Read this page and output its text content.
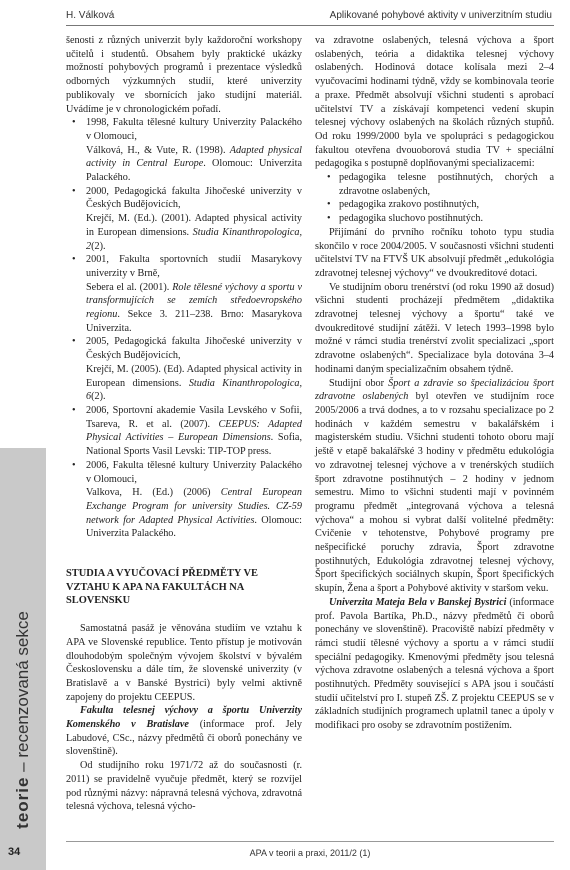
H. Válková	Aplikované pohybové aktivity v univerzitním studiu

šenosti z různých univerzit byly každoroční workshopy učitelů i studentů. Obsahem byly praktické ukázky možností pohybových programů i prezentace výsledků odborných výzkumných studií, které univerzity publikovaly ve sbornících jako studijní materiál. Uvádíme je v chronologickém pořadí.

• 1998, Fakulta tělesné kultury Univerzity Palackého v Olomouci,
Válková, H., & Vute, R. (1998). Adapted physical activity in Central Europe. Olomouc: Univerzita Palackého.
• 2000, Pedagogická fakulta Jihočeské univerzity v Českých Budějovicích,
Krejčí, M. (Ed.). (2001). Adapted physical activity in European dimensions. Studia Kinanthropologica, 2(2).
• 2001, Fakulta sportovních studií Masarykovy univerzity v Brně,
Sebera el al. (2001). Role tělesné výchovy a sportu v transformujících se zemích středoevropského regionu. Sekce 3. 211–238. Brno: Masarykova Univerzita.
• 2005, Pedagogická fakulta Jihočeské univerzity v Českých Budějovicích,
Krejčí, M. (2005). (Ed). Adapted physical activity in European dimensions. Studia Kinanthropologica, 6(2).
• 2006, Sportovní akademie Vasila Levského v Sofii, Tsareva, R. et al. (2007). CEEPUS: Adapted Physical Activities – European Dimensions. Sofia, National Sports Vasil Levski: TIP-TOP press.
• 2006, Fakulta tělesné kultury Univerzity Palackého v Olomouci,
Valkova, H. (Ed.) (2006) Central European Exchange Program for university Studies. CZ-59 network for Adapted Physical Activities. Olomouc: Univerzita Palackého.

STUDIA A VYUČOVACÍ PŘEDMĚTY VE VZTAHU K APA NA FAKULTÁCH NA SLOVENSKU

Samostatná pasáž je věnována studiím ve vztahu k APA ve Slovenské republice. Tento přístup je motivován dlouhodobým společným vývojem školství v bývalém Československu a dále tím, že slovenské univerzity (v Bratislavě a v Banské Bystrici) byly velmi aktivně zapojeny do projektu CEEPUS.

Fakulta telesnej výchovy a športu Univerzity Komenského v Bratislave (informace prof. Jely Labudové, CSc., názvy předmětů či oborů ponechány ve slovenštině).

Od studijního roku 1971/72 až do současnosti (r. 2011) se pravidelně vyučuje předmět, který se rozvíjel pod různými názvy: nápravná telesná výchova, zdravotná telesná výchova, telesná výcho-

va zdravotne oslabených, telesná výchova a šport oslabených, teória a didaktika telesnej výchovy oslabených. Hodinová dotace kolísala mezi 2–4 vyučovacími hodinami týdně, vždy se kombinovala teorie a praxe. Předmět absolvují všichni studenti s aprobací učitelství TV a získávají kompetenci vedení skupin telesnej výchovy oslabených na školách různých stupňů. Od roku 1999/2000 byla ve spolupráci s pedagogickou fakultou otevřena dvouoborová studia TV + speciální pedagogika s postupně doplňovanými specializacemi:

• pedagogika telesne postihnutých, chorých a zdravotne oslabených,
• pedagogika zrakovo postihnutých,
• pedagogika sluchovo postihnutých.

Přijímání do prvního ročníku tohoto typu studia skončilo v roce 2004/2005. V současnosti všichni studenti učitelství TV na FTVŠ UK absolvují předmět „edukológia zdravotnej telesnej výchovy“ ve dvoukreditové dotaci.

Ve studijním oboru trenérství (od roku 1990 až dosud) všichni studenti procházejí předmětem „didaktika zdravotnej telesnej výchovy a športu“ také ve dvoukreditové studijní zátěži. V letech 1993–1998 bylo možné v rámci studia trenérství zvolit specializaci „sport zdravotne oslabených“. Specializace byla dotována 3–4 hodinami daným specializačním obsahem týdně.

Studijní obor Šport a zdravie so špecializáciou šport zdravotne oslabených byl otevřen ve studijním roce 2005/2006 a trvá dodnes, a to v rozsahu specializace po 2 hodinách v každém semestru v bakalářském i magisterském studiu. Všichni studenti tohoto oboru mají ještě v etapě bakalářské 3 hodiny v předmětu edukológia vo zdravotnej telesnej výchove a v trenérských studiích šport zdravotne postihnutých – 2 hodiny v jednom semestru. Mimo to všichni studenti mají v povinném programu předmět „integrovaná výchova a telesná výchova“ a mohou si vybrat další volitelné předměty: Cvičenie v tehotenstve, Pohybové programy pre nešpecifické poruchy zdravia, Šport zdravotne postihnutých, Edukológia zdravotnej telesnej výchovy, Šport špecifických sociálnych skupín, Šport špecifických skupín, Žena a šport a Pohybové aktivity v staršom veku.

Univerzita Mateja Bela v Banskej Bystrici (informace prof. Pavola Bartíka, Ph.D., názvy předmětů či oborů ponechány ve slovenštině). Pracoviště nabízí předměty v rámci studií tělesné výchovy a sportu a v rámci studií speciální pedagogiky. Kmenovými předměty jsou telesná výchova zdravotne oslabených a telesná výchova a šport postihnutých. Předměty související s APA jsou i součástí studií učitelství pro I. stupeň ZŠ. Z projektu CEEPUS se v základních studijních programech uplatnil tanec a úpoly v modifikaci pro osoby se zdravotním postižením.

teorie – recenzovaná sekce
34	APA v teorii a praxi, 2011/2 (1)
